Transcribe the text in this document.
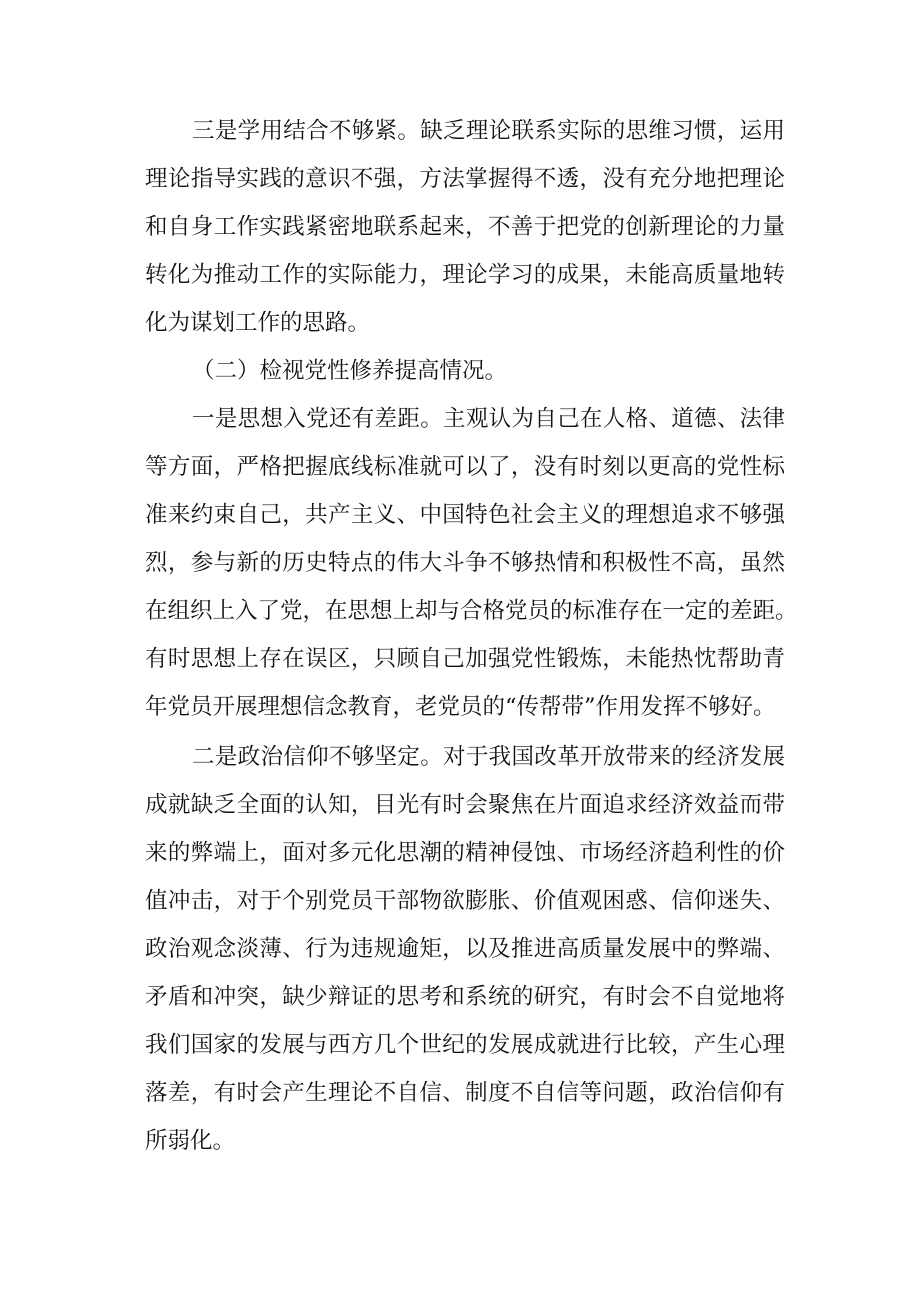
三是学用结合不够紧。缺乏理论联系实际的思维习惯，运用
理论指导实践的意识不强，方法掌握得不透，没有充分地把理论
和自身工作实践紧密地联系起来，不善于把党的创新理论的力量
转化为推动工作的实际能力，理论学习的成果，未能高质量地转
化为谋划工作的思路。
（二）检视党性修养提高情况。
一是思想入党还有差距。主观认为自己在人格、道德、法律
等方面，严格把握底线标准就可以了，没有时刻以更高的党性标
准来约束自己，共产主义、中国特色社会主义的理想追求不够强
烈，参与新的历史特点的伟大斗争不够热情和积极性不高，虽然
在组织上入了党，在思想上却与合格党员的标准存在一定的差距。
有时思想上存在误区，只顾自己加强党性锻炼，未能热忱帮助青
年党员开展理想信念教育，老党员的“传帮带”作用发挥不够好。
二是政治信仰不够坚定。对于我国改革开放带来的经济发展
成就缺乏全面的认知，目光有时会聚焦在片面追求经济效益而带
来的弊端上，面对多元化思潮的精神侵蚀、市场经济趋利性的价
值冲击，对于个别党员干部物欲膨胀、价值观困惑、信仰迷失、
政治观念淡薄、行为违规逾矩，以及推进高质量发展中的弊端、
矛盾和冲突，缺少辩证的思考和系统的研究，有时会不自觉地将
我们国家的发展与西方几个世纪的发展成就进行比较，产生心理
落差，有时会产生理论不自信、制度不自信等问题，政治信仰有
所弱化。
